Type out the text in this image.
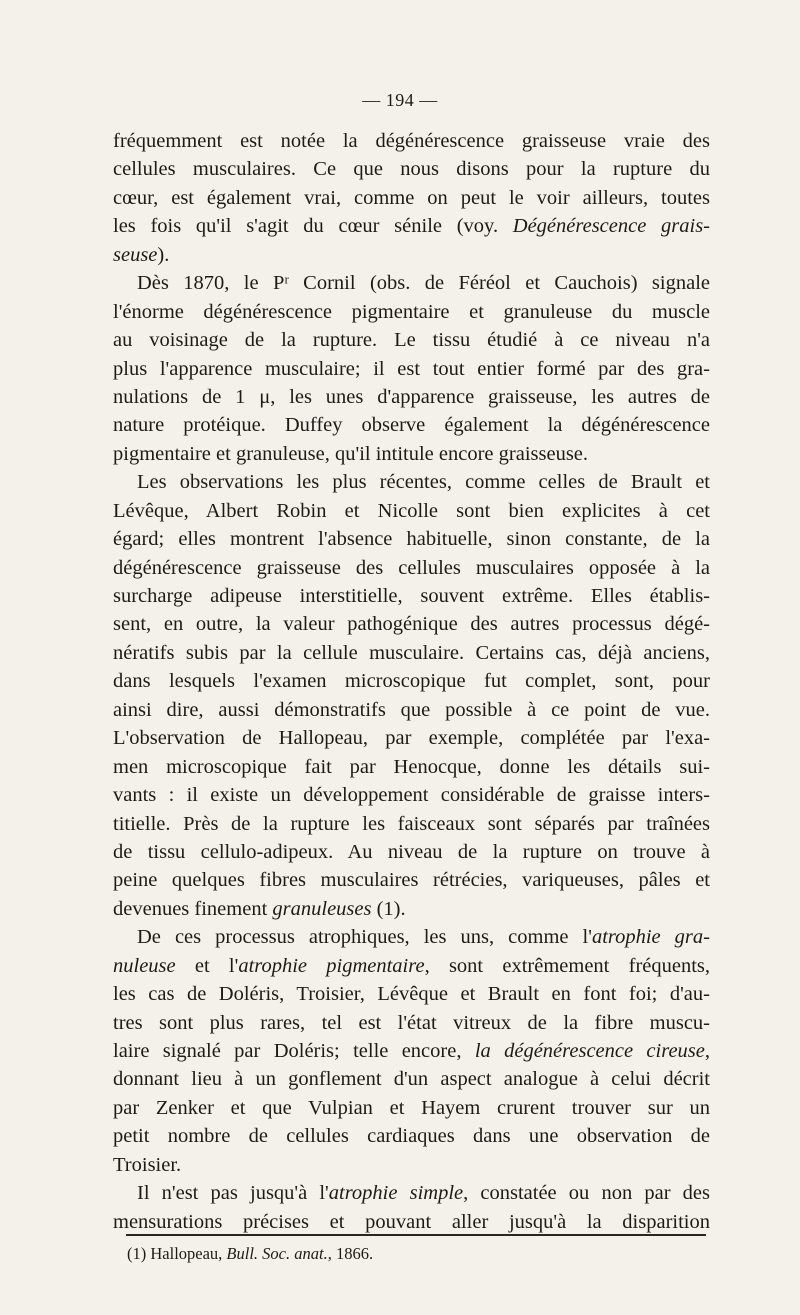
— 194 —
fréquemment est notée la dégénérescence graisseuse vraie des
cellules musculaires. Ce que nous disons pour la rupture du
cœur, est également vrai, comme on peut le voir ailleurs, toutes
les fois qu'il s'agit du cœur sénile (voy. Dégénérescence grais-
seuse).
Dès 1870, le Pʳ Cornil (obs. de Féréol et Cauchois) signale
l'énorme dégénérescence pigmentaire et granuleuse du muscle
au voisinage de la rupture. Le tissu étudié à ce niveau n'a
plus l'apparence musculaire; il est tout entier formé par des gra-
nulations de 1 μ, les unes d'apparence graisseuse, les autres de
nature protéique. Duffey observe également la dégénérescence
pigmentaire et granuleuse, qu'il intitule encore graisseuse.
Les observations les plus récentes, comme celles de Brault et
Lévêque, Albert Robin et Nicolle sont bien explicites à cet
égard; elles montrent l'absence habituelle, sinon constante, de la
dégénérescence graisseuse des cellules musculaires opposée à la
surcharge adipeuse interstitielle, souvent extrême. Elles établis-
sent, en outre, la valeur pathogénique des autres processus dégé-
nératifs subis par la cellule musculaire. Certains cas, déjà anciens,
dans lesquels l'examen microscopique fut complet, sont, pour
ainsi dire, aussi démonstratifs que possible à ce point de vue.
L'observation de Hallopeau, par exemple, complétée par l'exa-
men microscopique fait par Henocque, donne les détails sui-
vants : il existe un développement considérable de graisse inters-
titielle. Près de la rupture les faisceaux sont séparés par traînées
de tissu cellulo-adipeux. Au niveau de la rupture on trouve à
peine quelques fibres musculaires rétrécies, variqueuses, pâles et
devenues finement granuleuses (1).
De ces processus atrophiques, les uns, comme l'atrophie gra-
nuleuse et l'atrophie pigmentaire, sont extrêmement fréquents,
les cas de Doléris, Troisier, Lévêque et Brault en font foi; d'au-
tres sont plus rares, tel est l'état vitreux de la fibre muscu-
laire signalé par Doléris; telle encore, la dégénérescence cireuse,
donnant lieu à un gonflement d'un aspect analogue à celui décrit
par Zenker et que Vulpian et Hayem crurent trouver sur un
petit nombre de cellules cardiaques dans une observation de
Troisier.
Il n'est pas jusqu'à l'atrophie simple, constatée ou non par des
mensurations précises et pouvant aller jusqu'à la disparition
(1) Hallopeau, Bull. Soc. anat., 1866.
